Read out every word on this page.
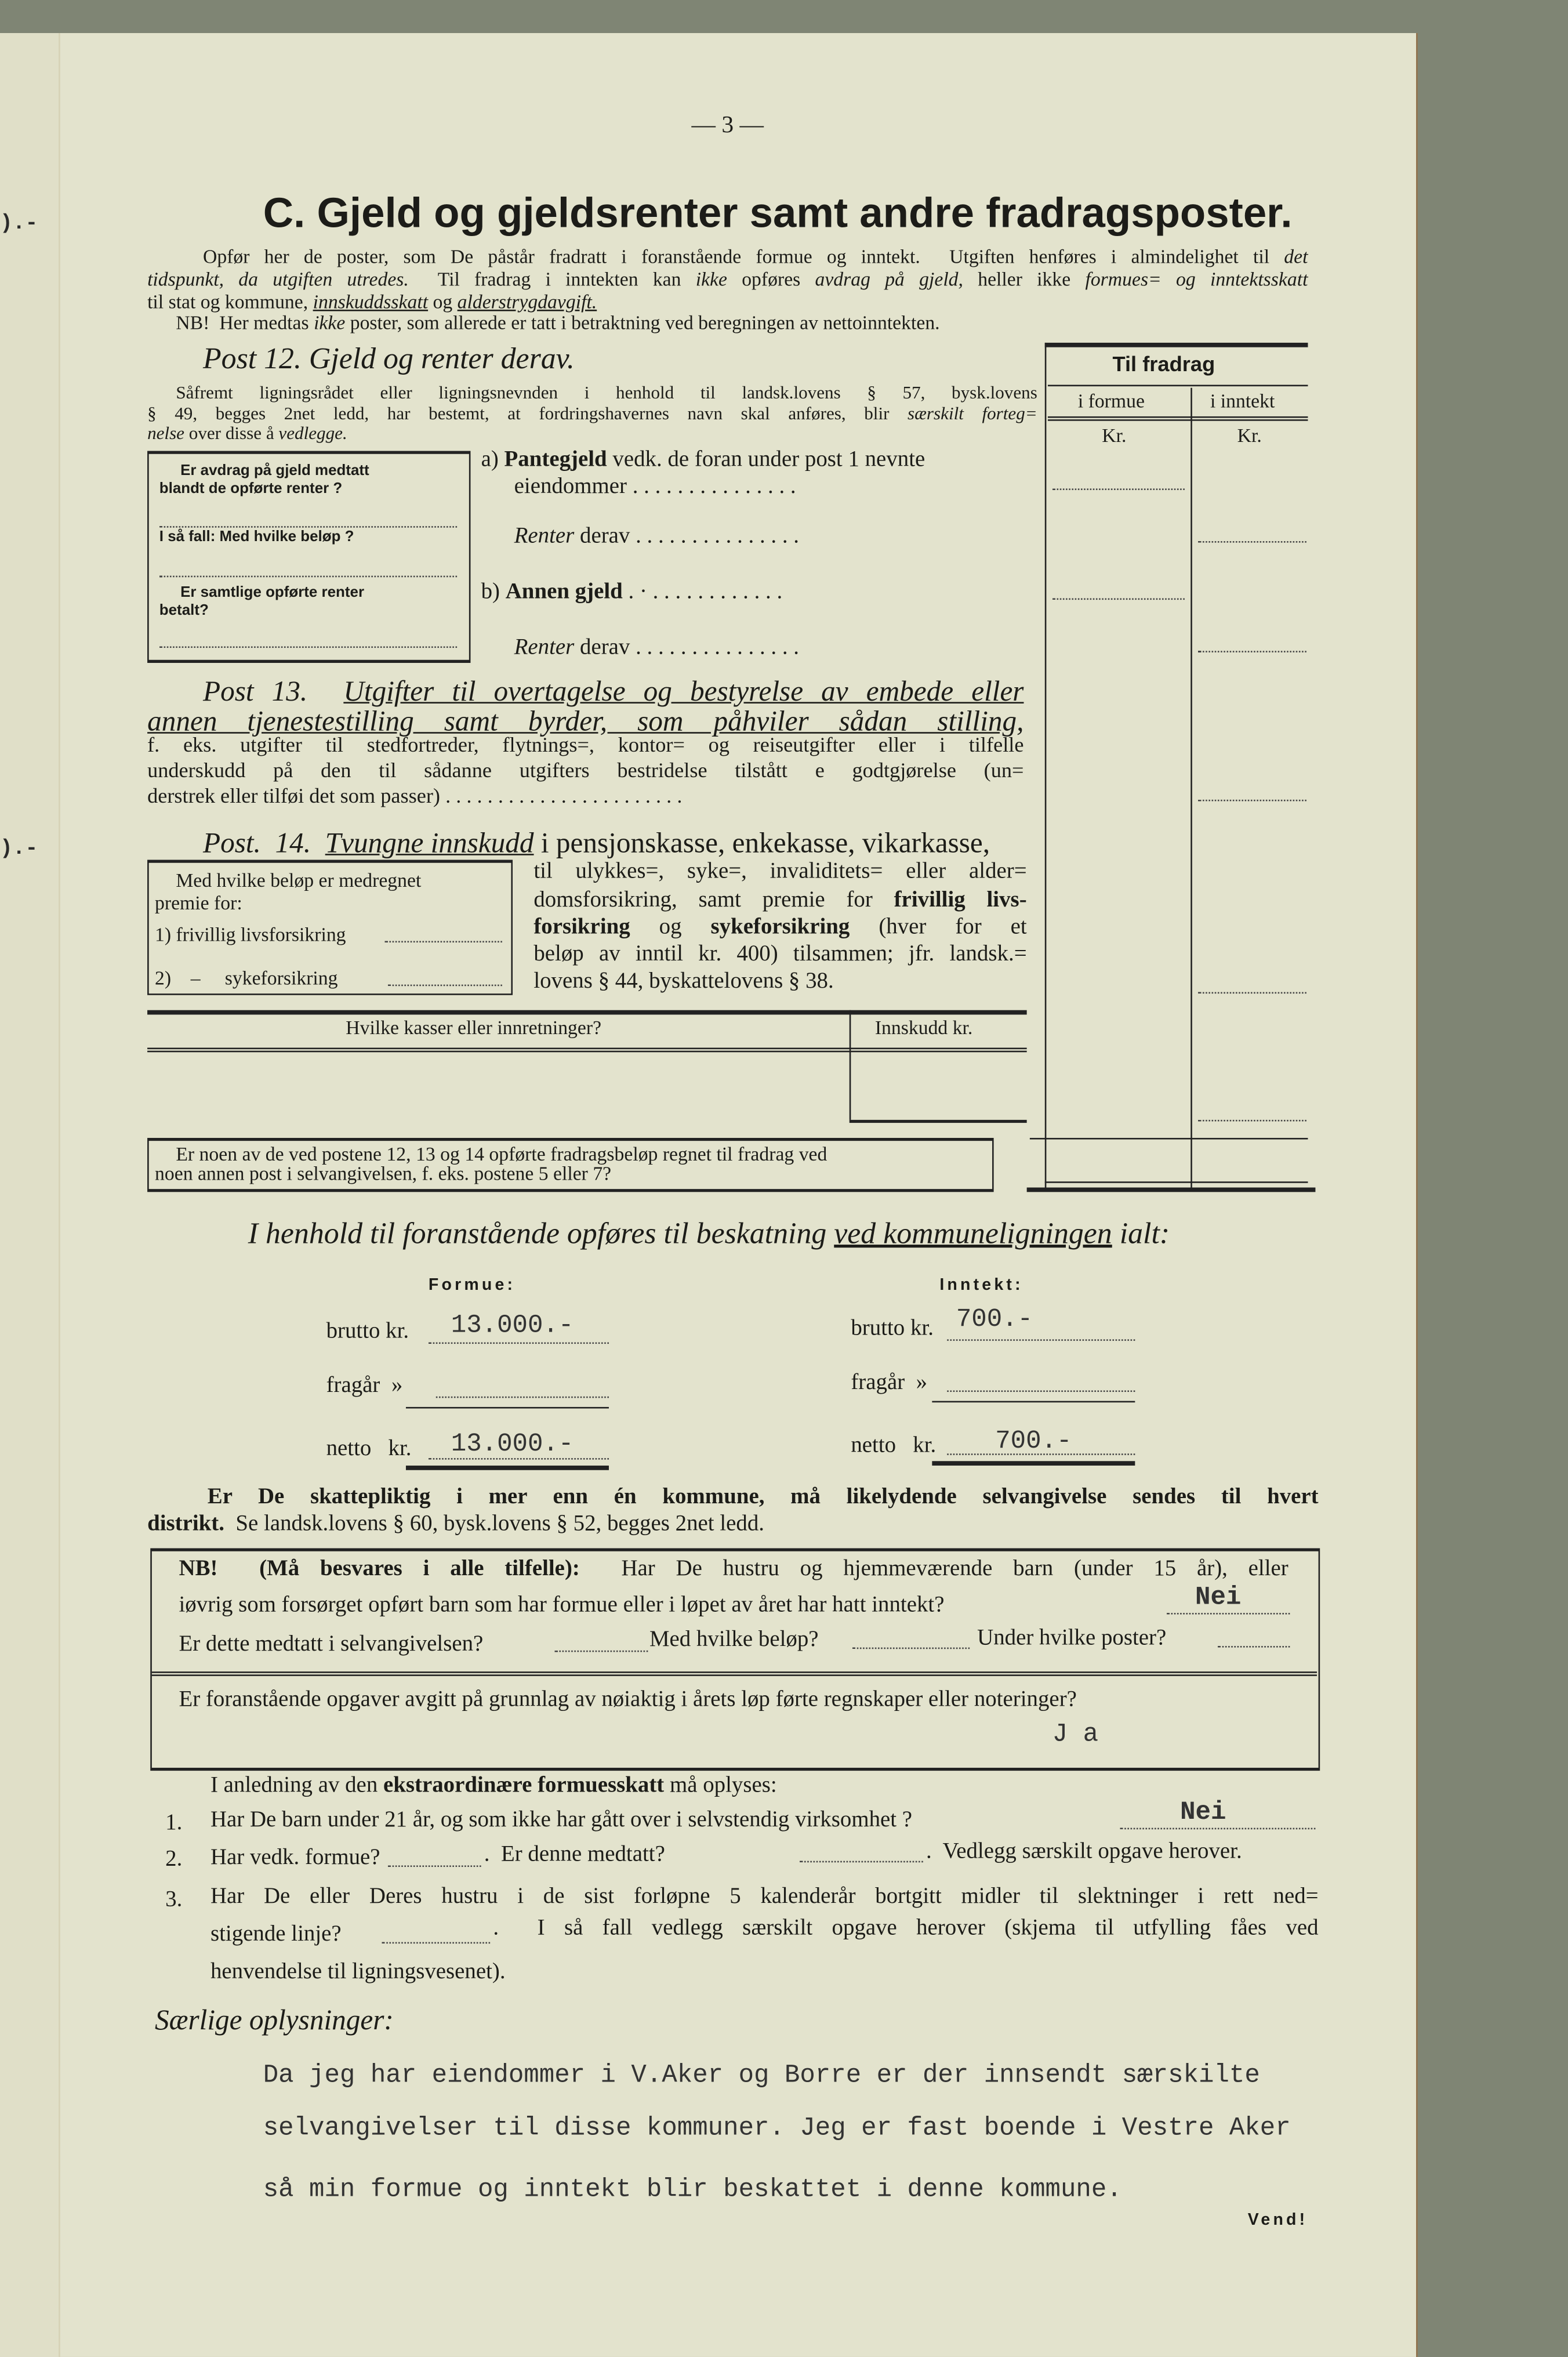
).-
).-
— 3 —
C. Gjeld og gjeldsrenter samt andre fradragsposter.
Opfør her de poster, som De påstår fradratt i foranstående formue og inntekt.  Utgiften henføres i almindelighet til det
tidspunkt, da utgiften utredes.  Til fradrag i inntekten kan ikke opføres avdrag på gjeld, heller ikke formues= og inntektsskatt
til stat og kommune, innskuddsskatt og alderstrygdavgift.
NB!  Her medtas ikke poster, som allerede er tatt i betraktning ved beregningen av nettoinntekten.
Til fradrag
i formue	i inntekt
Kr.	Kr.
Post 12. Gjeld og renter derav.
Såfremt ligningsrådet eller ligningsnevnden i henhold til landsk.lovens § 57, bysk.lovens
§ 49, begges 2net ledd, har bestemt, at fordringshavernes navn skal anføres, blir særskilt forteg=
nelse over disse å vedlegge.
Er avdrag på gjeld medtatt
blandt de opførte renter ?
I så fall: Med hvilke beløp ?
Er samtlige opførte renter
betalt?
a) Pantegjeld vedk. de foran under post 1 nevnte
eiendommer . . . . . . . . . . . . . . .
Renter derav . . . . . . . . . . . . . . .
b) Annen gjeld . · . . . . . . . . . . . .
Renter derav . . . . . . . . . . . . . . .
Post 13.  Utgifter til overtagelse og bestyrelse av embede eller
annen tjenestestilling samt byrder, som påhviler sådan stilling,
f. eks. utgifter til stedfortreder, flytnings=, kontor= og reiseutgifter eller i tilfelle
underskudd på den til sådanne utgifters bestridelse tilstått e godtgjørelse (un=
derstrek eller tilføi det som passer) . . . . . . . . . . . . . . . . . . . . . . .
Post.  14.  Tvungne innskudd i pensjonskasse, enkekasse, vikarkasse,
Med hvilke beløp er medregnet
premie for:
1) frivillig livsforsikring
2)    –     sykeforsikring
til ulykkes=, syke=, invaliditets= eller alder=
domsforsikring, samt premie for frivillig livs-
forsikring og sykeforsikring (hver for et
beløp av inntil kr. 400) tilsammen; jfr. landsk.=
lovens § 44, byskattelovens § 38.
Hvilke kasser eller innretninger?	Innskudd kr.
Er noen av de ved postene 12, 13 og 14 opførte fradragsbeløp regnet til fradrag ved
noen annen post i selvangivelsen, f. eks. postene 5 eller 7?
I henhold til foranstående opføres til beskatning ved kommuneligningen ialt:
Formue:	Inntekt:
brutto kr.	13.000.-
fragår  »
netto   kr.	13.000.-
brutto kr. 700.-
fragår  »
netto   kr.	700.-
Er De skattepliktig i mer enn én kommune, må likelydende selvangivelse sendes til hvert
distrikt.  Se landsk.lovens § 60, bysk.lovens § 52, begges 2net ledd.
NB!  (Må besvares i alle tilfelle):  Har De hustru og hjemmeværende barn (under 15 år), eller
iøvrig som forsørget opført barn som har formue eller i løpet av året har hatt inntekt?	Nei
Er dette medtatt i selvangivelsen?	Med hvilke beløp?	Under hvilke poster?
Er foranstående opgaver avgitt på grunnlag av nøiaktig i årets løp førte regnskaper eller noteringer?
J a
I anledning av den ekstraordinære formuesskatt må oplyses:
1.	Har De barn under 21 år, og som ikke har gått over i selvstendig virksomhet ?	Nei
2.	Har vedk. formue?	.  Er denne medtatt?	.  Vedlegg særskilt opgave herover.
3.	Har De eller Deres hustru i de sist forløpne 5 kalenderår bortgitt midler til slektninger i rett ned=
stigende linje?	.  I så fall vedlegg særskilt opgave herover (skjema til utfylling fåes ved
henvendelse til ligningsvesenet).
Særlige oplysninger:
Da jeg har eiendommer i V.Aker og Borre er der innsendt særskilte
selvangivelser til disse kommuner. Jeg er fast boende i Vestre Aker
så min formue og inntekt blir beskattet i denne kommune.
Vend!
